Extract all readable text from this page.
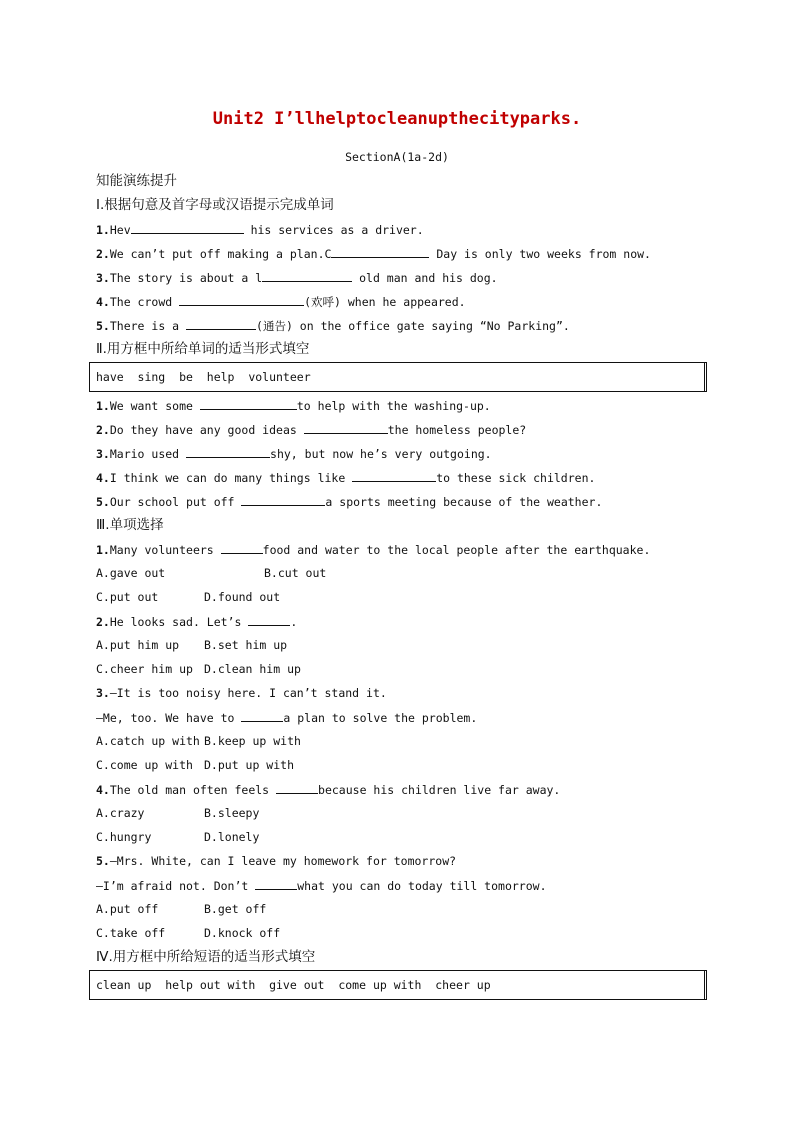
Unit2 I’llhelptocleanupthecityparks.
SectionA(1a-2d)
知能演练提升
Ⅰ.根据句意及首字母或汉语提示完成单词
1.Hev	his services as a driver.
2.We can’t put off making a plan.C	Day is only two weeks from now.
3.The story is about a l	old man and his dog.
4.The crowd	(欢呼) when he appeared.
5.There is a	(通告) on the office gate saying “No Parking”.
Ⅱ.用方框中所给单词的适当形式填空
have  sing  be  help  volunteer
1.We want some	to help with the washing-up.
2.Do they have any good ideas	the homeless people?
3.Mario used	shy, but now he’s very outgoing.
4.I think we can do many things like	to these sick children.
5.Our school put off	a sports meeting because of the weather.
Ⅲ.单项选择
1.Many volunteers	food and water to the local people after the earthquake.
A.gave out	B.cut out
C.put out	D.found out
2.He looks sad. Let’s	.
A.put him up B.set him up
C.cheer him up D.clean him up
3.—It is too noisy here. I can’t stand it.
—Me, too. We have to	a plan to solve the problem.
A.catch up with B.keep up with
C.come up with D.put up with
4.The old man often feels	because his children live far away.
A.crazy	B.sleepy
C.hungry	D.lonely
5.—Mrs. White, can I leave my homework for tomorrow?
—I’m afraid not. Don’t	what you can do today till tomorrow.
A.put off	B.get off
C.take off	D.knock off
Ⅳ.用方框中所给短语的适当形式填空
clean up  help out with  give out  come up with  cheer up
